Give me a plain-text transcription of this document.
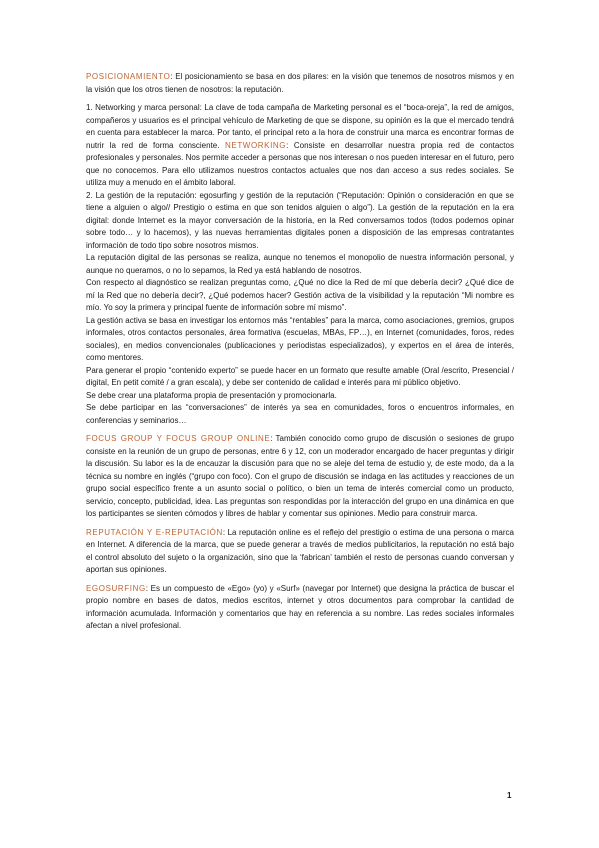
POSICIONAMIENTO: El posicionamiento se basa en dos pilares: en la visión que tenemos de nosotros mismos y en la visión que los otros tienen de nosotros: la reputación.

1. Networking y marca personal: La clave de toda campaña de Marketing personal es el “boca-oreja”, la red de amigos, compañeros y usuarios es el principal vehículo de Marketing de que se dispone, su opinión es la que el mercado tendrá en cuenta para establecer la marca. Por tanto, el principal reto a la hora de construir una marca es encontrar formas de nutrir la red de forma consciente. NETWORKING: Consiste en desarrollar nuestra propia red de contactos profesionales y personales. Nos permite acceder a personas que nos interesan o nos pueden interesar en el futuro, pero que no conocemos. Para ello utilizamos nuestros contactos actuales que nos dan acceso a sus redes sociales. Se utiliza muy a menudo en el ámbito laboral.

2. La gestión de la reputación: egosurfing y gestión de la reputación (“Reputación: Opinión o consideración en que se tiene a alguien o algo// Prestigio o estima en que son tenidos alguien o algo”). La gestión de la reputación en la era digital: donde Internet es la mayor conversación de la historia, en la Red conversamos todos (todos podemos opinar sobre todo… y lo hacemos), y las nuevas herramientas digitales ponen a disposición de las empresas contratantes información de todo tipo sobre nosotros mismos.

La reputación digital de las personas se realiza, aunque no tenemos el monopolio de nuestra información personal, y aunque no queramos, o no lo sepamos, la Red ya está hablando de nosotros.

Con respecto al diagnóstico se realizan preguntas como, ¿Qué no dice la Red de mí que debería decir? ¿Qué dice de mí la Red que no debería decir?, ¿Qué podemos hacer? Gestión activa de la visibilidad y la reputación “Mi nombre es mío. Yo soy la primera y principal fuente de información sobre mí mismo”.

La gestión activa se basa en investigar los entornos más “rentables” para la marca, como asociaciones, gremios, grupos informales, otros contactos personales, área formativa (escuelas, MBAs, FP…), en Internet (comunidades, foros, redes sociales), en medios convencionales (publicaciones y periodistas especializados), y expertos en el área de interés, como mentores.

Para generar el propio “contenido experto” se puede hacer en un formato que resulte amable (Oral /escrito, Presencial / digital, En petit comité / a gran escala), y debe ser contenido de calidad e interés para mi público objetivo.

Se debe crear una plataforma propia de presentación y promocionarla.

Se debe participar en las “conversaciones” de interés ya sea en comunidades, foros o encuentros informales, en conferencias y seminarios…

FOCUS GROUP Y FOCUS GROUP ONLINE: También conocido como grupo de discusión o sesiones de grupo consiste en la reunión de un grupo de personas, entre 6 y 12, con un moderador encargado de hacer preguntas y dirigir la discusión. Su labor es la de encauzar la discusión para que no se aleje del tema de estudio y, de este modo, da a la técnica su nombre en inglés (“grupo con foco). Con el grupo de discusión se indaga en las actitudes y reacciones de un grupo social específico frente a un asunto social o político, o bien un tema de interés comercial como un producto, servicio, concepto, publicidad, idea. Las preguntas son respondidas por la interacción del grupo en una dinámica en que los participantes se sienten cómodos y libres de hablar y comentar sus opiniones. Medio para construir marca.

REPUTACIÓN Y E-REPUTACIÓN: La reputación online es el reflejo del prestigio o estima de una persona o marca en Internet. A diferencia de la marca, que se puede generar a través de medios publicitarios, la reputación no está bajo el control absoluto del sujeto o la organización, sino que la ‘fabrican’ también el resto de personas cuando conversan y aportan sus opiniones.

EGOSURFING: Es un compuesto de «Ego» (yo) y «Surf» (navegar por Internet) que designa la práctica de buscar el propio nombre en bases de datos, medios escritos, internet y otros documentos para comprobar la cantidad de información acumulada. Información y comentarios que hay en referencia a su nombre. Las redes sociales informales afectan a nivel profesional.

1
